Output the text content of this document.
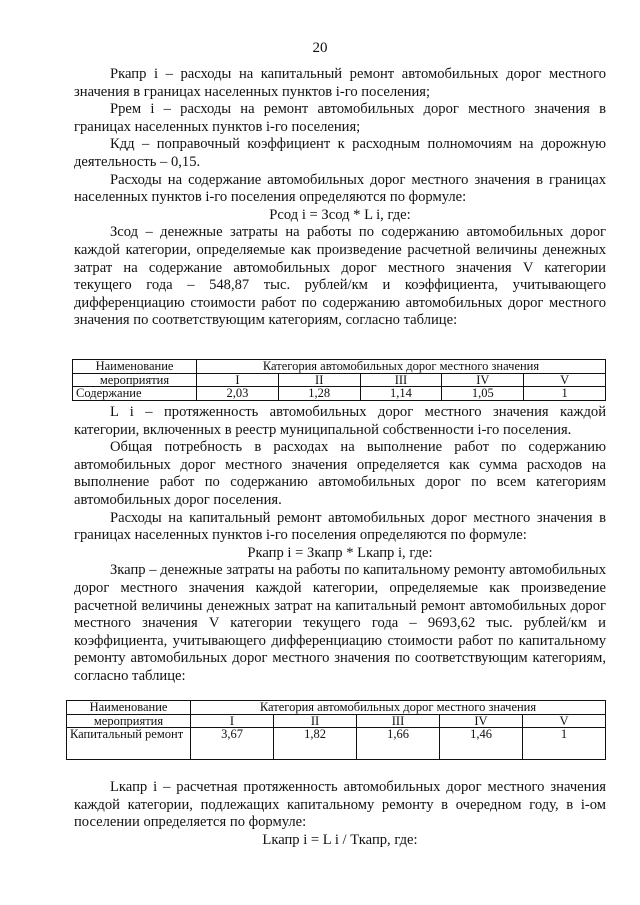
20

Ркапр i – расходы на капитальный ремонт автомобильных дорог местного значения в границах населенных пунктов i-го поселения;

Ррем i – расходы на ремонт автомобильных дорог местного значения в границах населенных пунктов i-го поселения;

Кдд – поправочный коэффициент к расходным полномочиям на дорожную деятельность – 0,15.

Расходы на содержание автомобильных дорог местного значения в границах населенных пунктов i-го поселения определяются по формуле:

Рсод i = Зсод * L i, где:

Зсод – денежные затраты на работы по содержанию автомобильных дорог каждой категории, определяемые как произведение расчетной величины денежных затрат на содержание автомобильных дорог местного значения V категории текущего года – 548,87 тыс. рублей/км и коэффициента, учитывающего дифференциацию стоимости работ по содержанию автомобильных дорог местного значения по соответствующим категориям, согласно таблице:

Наименование	Категория автомобильных дорог местного значения				
мероприятия	I	II	III	IV	V
Содержание	2,03	1,28	1,14	1,05	1

L i – протяженность автомобильных дорог местного значения каждой категории, включенных в реестр муниципальной собственности i-го поселения.

Общая потребность в расходах на выполнение работ по содержанию автомобильных дорог местного значения определяется как сумма расходов на выполнение работ по содержанию автомобильных дорог по всем категориям автомобильных дорог поселения.

Расходы на капитальный ремонт автомобильных дорог местного значения в границах населенных пунктов i-го поселения определяются по формуле:

Ркапр i = Зкапр * Lкапр i, где:

Зкапр – денежные затраты на работы по капитальному ремонту автомобильных дорог местного значения каждой категории, определяемые как произведение расчетной величины денежных затрат на капитальный ремонт автомобильных дорог местного значения V категории текущего года – 9693,62 тыс. рублей/км и коэффициента, учитывающего дифференциацию стоимости работ по капитальному ремонту автомобильных дорог местного значения по соответствующим категориям, согласно таблице:

Наименование	Категория автомобильных дорог местного значения				
мероприятия	I	II	III	IV	V
Капитальный ремонт	3,67	1,82	1,66	1,46	1

Lкапр i – расчетная протяженность автомобильных дорог местного значения каждой категории, подлежащих капитальному ремонту в очередном году, в i-ом поселении определяется по формуле:

Lкапр i = L i / Ткапр, где:
